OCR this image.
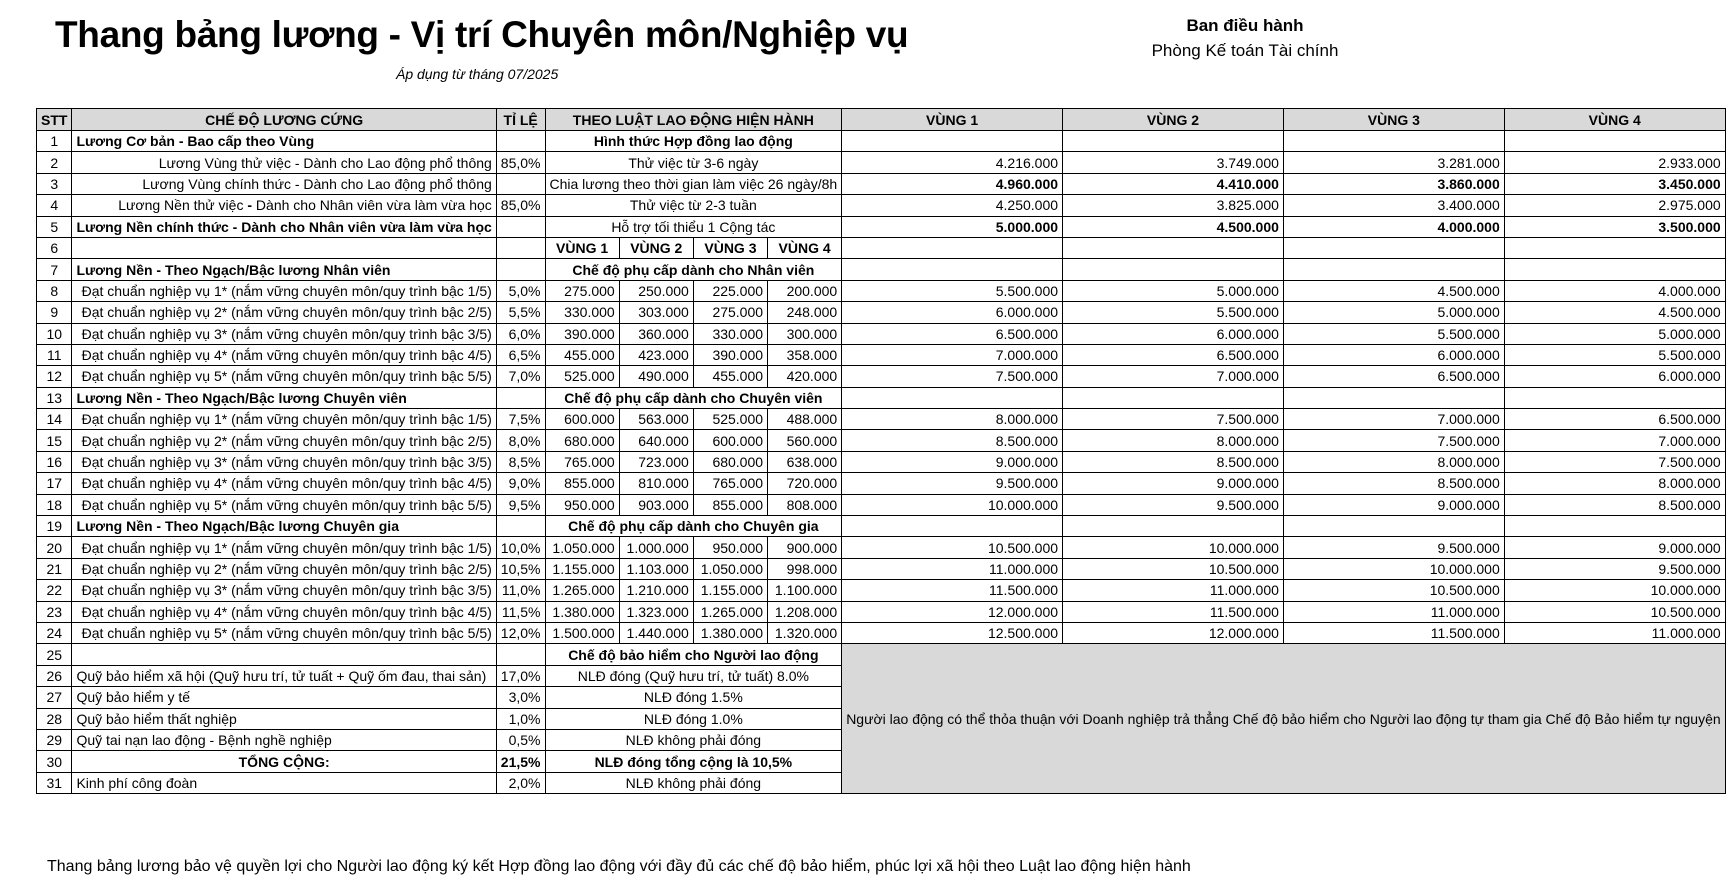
Thang bảng lương - Vị trí Chuyên môn/Nghiệp vụ
Áp dụng từ tháng 07/2025
Ban điều hành
Phòng Kế toán Tài chính
STT	CHẾ ĐỘ LƯƠNG CỨNG	TỈ LỆ	THEO LUẬT LAO ĐỘNG HIỆN HÀNH				VÙNG 1	VÙNG 2	VÙNG 3	VÙNG 4
1	Lương Cơ bản - Bao cấp theo Vùng		Hình thức Hợp đồng lao động							
2	Lương Vùng thử việc - Dành cho Lao động phổ thông	85,0%	Thử việc từ 3-6 ngày				4.216.000	3.749.000	3.281.000	2.933.000
3	Lương Vùng chính thức - Dành cho Lao động phổ thông		Chia lương theo thời gian làm việc 26 ngày/8h				4.960.000	4.410.000	3.860.000	3.450.000
4	Lương Nền thử việc - Dành cho Nhân viên vừa làm vừa học	85,0%	Thử việc từ 2-3 tuần				4.250.000	3.825.000	3.400.000	2.975.000
5	Lương Nền chính thức - Dành cho Nhân viên vừa làm vừa học		Hỗ trợ tối thiểu 1 Cộng tác				5.000.000	4.500.000	4.000.000	3.500.000
6			VÙNG 1	VÙNG 2	VÙNG 3	VÙNG 4				
7	Lương Nền - Theo Ngạch/Bậc lương Nhân viên		Chế độ phụ cấp dành cho Nhân viên							
8	Đạt chuẩn nghiệp vụ 1* (nắm vững chuyên môn/quy trình bậc 1/5)	5,0%	275.000	250.000	225.000	200.000	5.500.000	5.000.000	4.500.000	4.000.000
9	Đạt chuẩn nghiệp vụ 2* (nắm vững chuyên môn/quy trình bậc 2/5)	5,5%	330.000	303.000	275.000	248.000	6.000.000	5.500.000	5.000.000	4.500.000
10	Đạt chuẩn nghiệp vụ 3* (nắm vững chuyên môn/quy trình bậc 3/5)	6,0%	390.000	360.000	330.000	300.000	6.500.000	6.000.000	5.500.000	5.000.000
11	Đạt chuẩn nghiệp vụ 4* (nắm vững chuyên môn/quy trình bậc 4/5)	6,5%	455.000	423.000	390.000	358.000	7.000.000	6.500.000	6.000.000	5.500.000
12	Đạt chuẩn nghiệp vụ 5* (nắm vững chuyên môn/quy trình bậc 5/5)	7,0%	525.000	490.000	455.000	420.000	7.500.000	7.000.000	6.500.000	6.000.000
13	Lương Nền - Theo Ngạch/Bậc lương Chuyên viên		Chế độ phụ cấp dành cho Chuyên viên							
14	Đạt chuẩn nghiệp vụ 1* (nắm vững chuyên môn/quy trình bậc 1/5)	7,5%	600.000	563.000	525.000	488.000	8.000.000	7.500.000	7.000.000	6.500.000
15	Đạt chuẩn nghiệp vụ 2* (nắm vững chuyên môn/quy trình bậc 2/5)	8,0%	680.000	640.000	600.000	560.000	8.500.000	8.000.000	7.500.000	7.000.000
16	Đạt chuẩn nghiệp vụ 3* (nắm vững chuyên môn/quy trình bậc 3/5)	8,5%	765.000	723.000	680.000	638.000	9.000.000	8.500.000	8.000.000	7.500.000
17	Đạt chuẩn nghiệp vụ 4* (nắm vững chuyên môn/quy trình bậc 4/5)	9,0%	855.000	810.000	765.000	720.000	9.500.000	9.000.000	8.500.000	8.000.000
18	Đạt chuẩn nghiệp vụ 5* (nắm vững chuyên môn/quy trình bậc 5/5)	9,5%	950.000	903.000	855.000	808.000	10.000.000	9.500.000	9.000.000	8.500.000
19	Lương Nền - Theo Ngạch/Bậc lương Chuyên gia		Chế độ phụ cấp dành cho Chuyên gia							
20	Đạt chuẩn nghiệp vụ 1* (nắm vững chuyên môn/quy trình bậc 1/5)	10,0%	1.050.000	1.000.000	950.000	900.000	10.500.000	10.000.000	9.500.000	9.000.000
21	Đạt chuẩn nghiệp vụ 2* (nắm vững chuyên môn/quy trình bậc 2/5)	10,5%	1.155.000	1.103.000	1.050.000	998.000	11.000.000	10.500.000	10.000.000	9.500.000
22	Đạt chuẩn nghiệp vụ 3* (nắm vững chuyên môn/quy trình bậc 3/5)	11,0%	1.265.000	1.210.000	1.155.000	1.100.000	11.500.000	11.000.000	10.500.000	10.000.000
23	Đạt chuẩn nghiệp vụ 4* (nắm vững chuyên môn/quy trình bậc 4/5)	11,5%	1.380.000	1.323.000	1.265.000	1.208.000	12.000.000	11.500.000	11.000.000	10.500.000
24	Đạt chuẩn nghiệp vụ 5* (nắm vững chuyên môn/quy trình bậc 5/5)	12,0%	1.500.000	1.440.000	1.380.000	1.320.000	12.500.000	12.000.000	11.500.000	11.000.000
25			Chế độ bảo hiểm cho Người lao động				Người lao động có thể thỏa thuận với Doanh nghiệp trả thẳng Chế độ bảo hiểm cho Người lao động tự tham gia Chế độ Bảo hiểm tự nguyện			
26	Quỹ bảo hiểm xã hội (Quỹ hưu trí, tử tuất + Quỹ ốm đau, thai sản)	17,0%	NLĐ đóng (Quỹ hưu trí, tử tuất) 8.0%							
27	Quỹ bảo hiểm y tế	3,0%	NLĐ đóng 1.5%							
28	Quỹ bảo hiểm thất nghiệp	1,0%	NLĐ đóng 1.0%							
29	Quỹ tai nạn lao động - Bệnh nghề nghiệp	0,5%	NLĐ không phải đóng							
30	TỔNG CỘNG:	21,5%	NLĐ đóng tổng cộng là 10,5%							
31	Kinh phí công đoàn	2,0%	NLĐ không phải đóng							
Thang bảng lương bảo vệ quyền lợi cho Người lao động ký kết Hợp đồng lao động với đầy đủ các chế độ bảo hiểm, phúc lợi xã hội theo Luật lao động hiện hành
